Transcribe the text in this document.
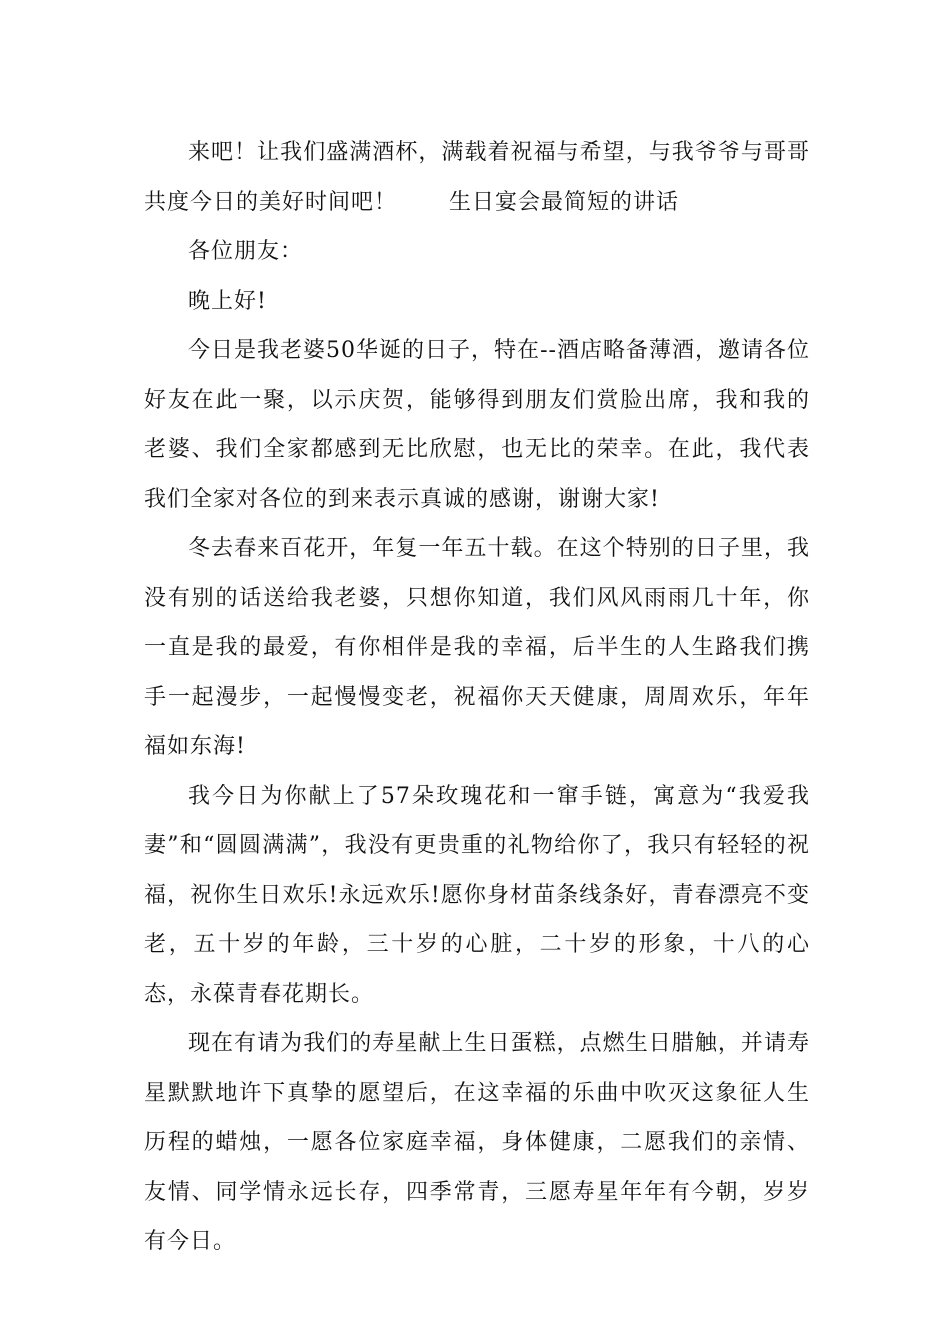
来吧！让我们盛满酒杯，满载着祝福与希望，与我爷爷与哥哥共度今日的美好时间吧！ 生日宴会最简短的讲话

各位朋友：

晚上好!

今日是我老婆50华诞的日子，特在--酒店略备薄酒，邀请各位好友在此一聚，以示庆贺，能够得到朋友们赏脸出席，我和我的老婆、我们全家都感到无比欣慰，也无比的荣幸。在此，我代表我们全家对各位的到来表示真诚的感谢，谢谢大家!

冬去春来百花开，年复一年五十载。在这个特别的日子里，我没有别的话送给我老婆，只想你知道，我们风风雨雨几十年，你一直是我的最爱，有你相伴是我的幸福，后半生的人生路我们携手一起漫步，一起慢慢变老，祝福你天天健康，周周欢乐，年年福如东海!

我今日为你献上了57朵玫瑰花和一窜手链，寓意为“我爱我妻”和“圆圆满满”，我没有更贵重的礼物给你了，我只有轻轻的祝福，祝你生日欢乐!永远欢乐!愿你身材苗条线条好，青春漂亮不变老，五十岁的年龄，三十岁的心脏，二十岁的形象，十八的心态，永葆青春花期长。

现在有请为我们的寿星献上生日蛋糕，点燃生日腊触，并请寿星默默地许下真挚的愿望后，在这幸福的乐曲中吹灭这象征人生历程的蜡烛，一愿各位家庭幸福，身体健康，二愿我们的亲情、友情、同学情永远长存，四季常青，三愿寿星年年有今朝，岁岁有今日。
